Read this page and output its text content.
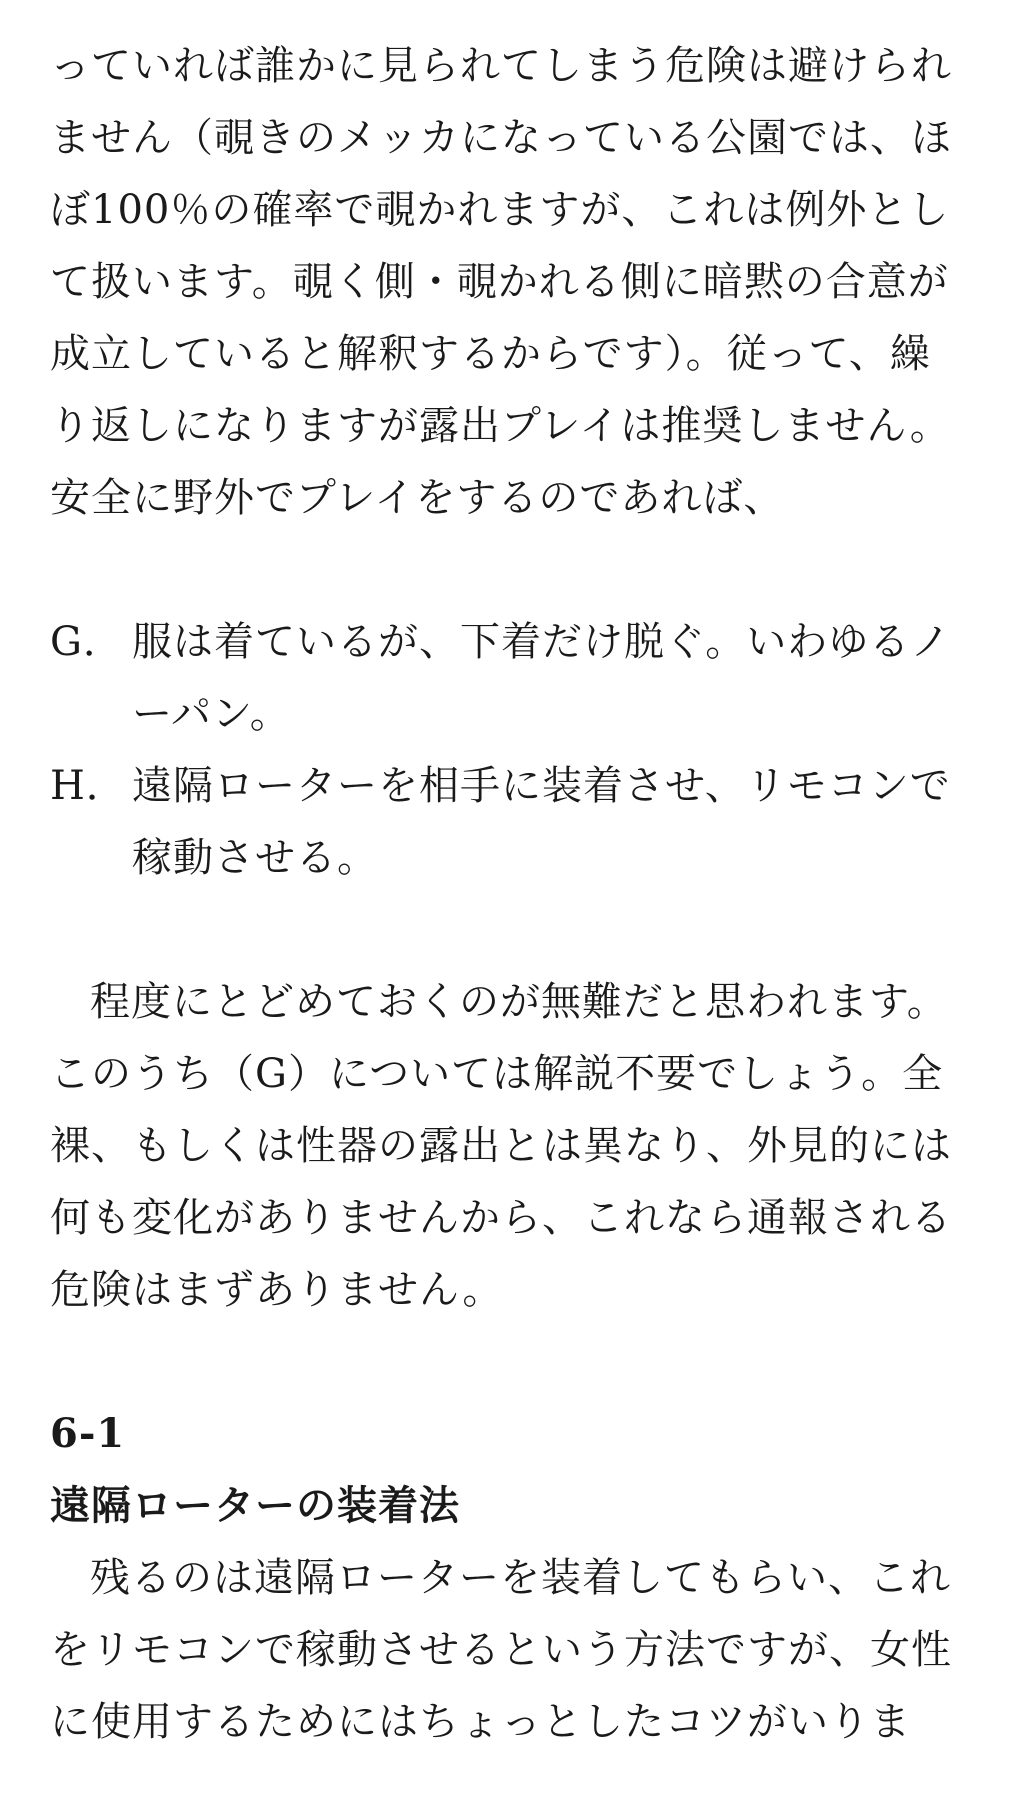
っていれば誰かに見られてしまう危険は避けられ
ません（覗きのメッカになっている公園では、ほ
ぼ100％の確率で覗かれますが、これは例外とし
て扱います。覗く側・覗かれる側に暗黙の合意が
成立していると解釈するからです）。従って、繰
り返しになりますが露出プレイは推奨しません。
安全に野外でプレイをするのであれば、
G． 服は着ているが、下着だけ脱ぐ。いわゆるノ
ーパン。
H． 遠隔ローターを相手に装着させ、リモコンで
稼動させる。
程度にとどめておくのが無難だと思われます。
このうち（G）については解説不要でしょう。全
裸、もしくは性器の露出とは異なり、外見的には
何も変化がありませんから、これなら通報される
危険はまずありません。
6-1
遠隔ローターの装着法
残るのは遠隔ローターを装着してもらい、これ
をリモコンで稼動させるという方法ですが、女性
に使用するためにはちょっとしたコツがいりま
